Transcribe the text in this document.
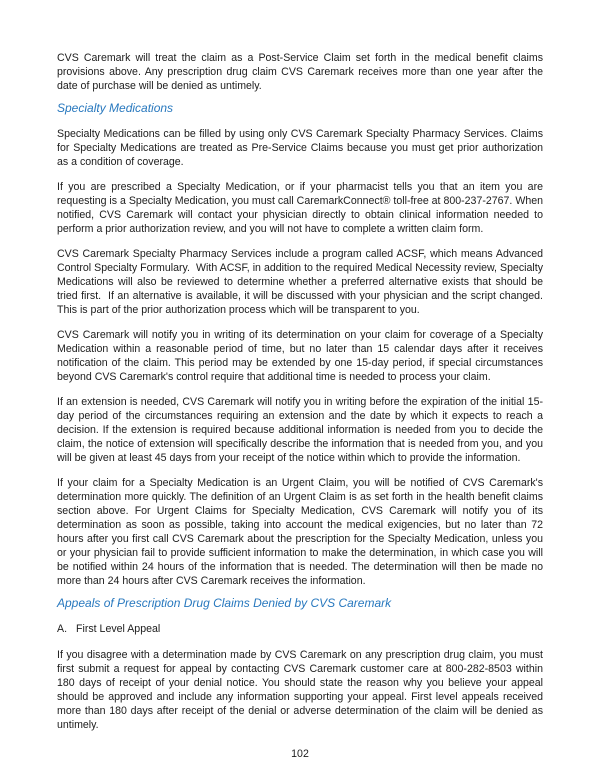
CVS Caremark will treat the claim as a Post-Service Claim set forth in the medical benefit claims provisions above. Any prescription drug claim CVS Caremark receives more than one year after the date of purchase will be denied as untimely.

Specialty Medications

Specialty Medications can be filled by using only CVS Caremark Specialty Pharmacy Services. Claims for Specialty Medications are treated as Pre-Service Claims because you must get prior authorization as a condition of coverage.

If you are prescribed a Specialty Medication, or if your pharmacist tells you that an item you are requesting is a Specialty Medication, you must call CaremarkConnect® toll-free at 800-237-2767. When notified, CVS Caremark will contact your physician directly to obtain clinical information needed to perform a prior authorization review, and you will not have to complete a written claim form.

CVS Caremark Specialty Pharmacy Services include a program called ACSF, which means Advanced Control Specialty Formulary.  With ACSF, in addition to the required Medical Necessity review, Specialty Medications will also be reviewed to determine whether a preferred alternative exists that should be tried first.  If an alternative is available, it will be discussed with your physician and the script changed. This is part of the prior authorization process which will be transparent to you.

CVS Caremark will notify you in writing of its determination on your claim for coverage of a Specialty Medication within a reasonable period of time, but no later than 15 calendar days after it receives notification of the claim. This period may be extended by one 15-day period, if special circumstances beyond CVS Caremark's control require that additional time is needed to process your claim.

If an extension is needed, CVS Caremark will notify you in writing before the expiration of the initial 15-day period of the circumstances requiring an extension and the date by which it expects to reach a decision. If the extension is required because additional information is needed from you to decide the claim, the notice of extension will specifically describe the information that is needed from you, and you will be given at least 45 days from your receipt of the notice within which to provide the information.

If your claim for a Specialty Medication is an Urgent Claim, you will be notified of CVS Caremark's determination more quickly. The definition of an Urgent Claim is as set forth in the health benefit claims section above. For Urgent Claims for Specialty Medication, CVS Caremark will notify you of its determination as soon as possible, taking into account the medical exigencies, but no later than 72 hours after you first call CVS Caremark about the prescription for the Specialty Medication, unless you or your physician fail to provide sufficient information to make the determination, in which case you will be notified within 24 hours of the information that is needed. The determination will then be made no more than 24 hours after CVS Caremark receives the information.

Appeals of Prescription Drug Claims Denied by CVS Caremark
A. First Level Appeal

If you disagree with a determination made by CVS Caremark on any prescription drug claim, you must first submit a request for appeal by contacting CVS Caremark customer care at 800-282-8503 within 180 days of receipt of your denial notice. You should state the reason why you believe your appeal should be approved and include any information supporting your appeal. First level appeals received more than 180 days after receipt of the denial or adverse determination of the claim will be denied as untimely.

102
